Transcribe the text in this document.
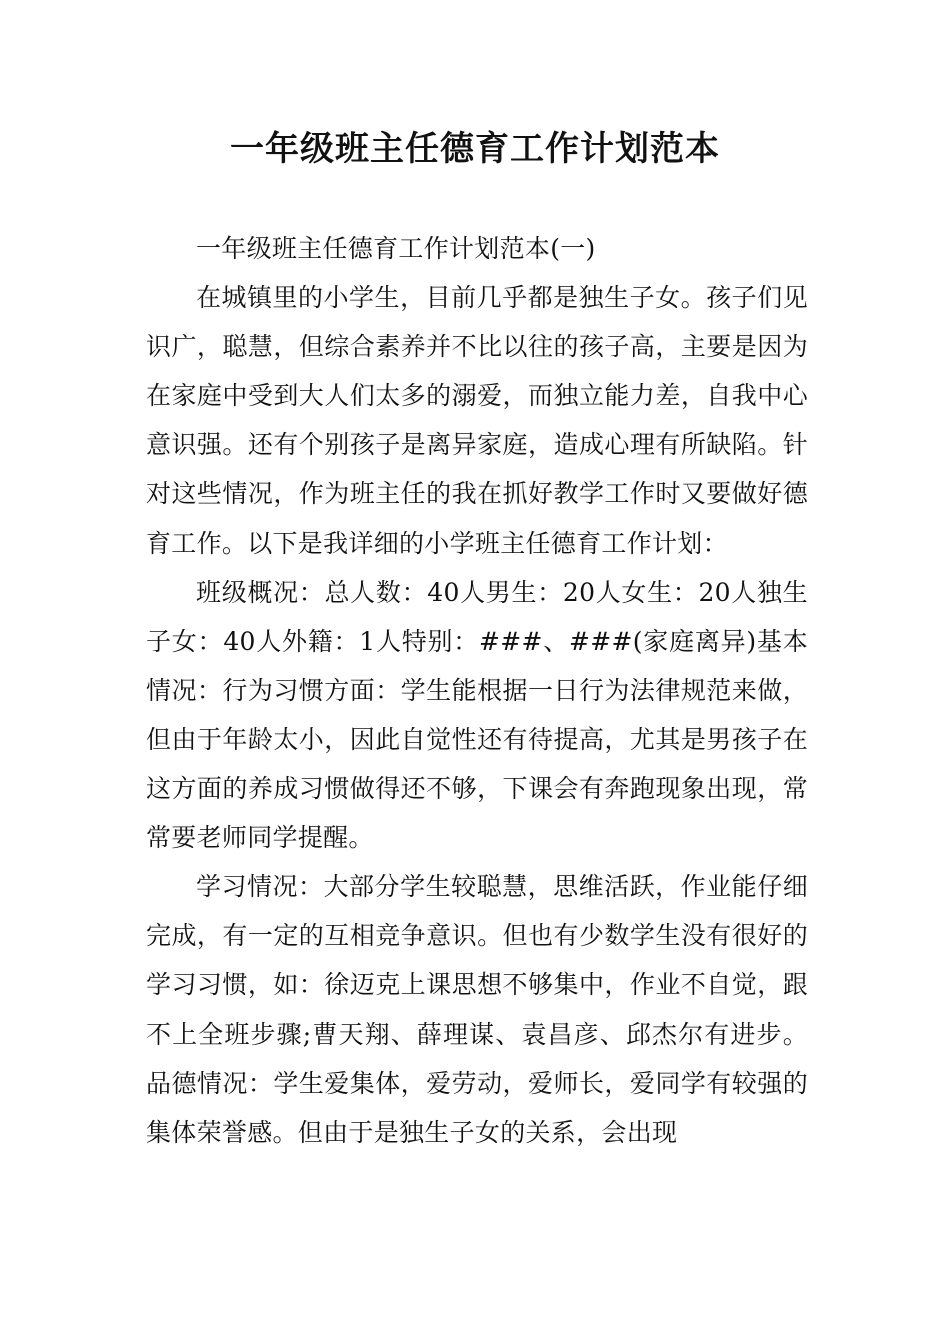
一年级班主任德育工作计划范本

一年级班主任德育工作计划范本(一)

在城镇里的小学生，目前几乎都是独生子女。孩子们见识广，聪慧，但综合素养并不比以往的孩子高，主要是因为在家庭中受到大人们太多的溺爱，而独立能力差，自我中心意识强。还有个别孩子是离异家庭，造成心理有所缺陷。针对这些情况，作为班主任的我在抓好教学工作时又要做好德育工作。以下是我详细的小学班主任德育工作计划：

班级概况：总人数：40人男生：20人女生：20人独生子女：40人外籍：1人特别：###、###(家庭离异)基本情况：行为习惯方面：学生能根据一日行为法律规范来做，但由于年龄太小，因此自觉性还有待提高，尤其是男孩子在这方面的养成习惯做得还不够，下课会有奔跑现象出现，常常要老师同学提醒。

学习情况：大部分学生较聪慧，思维活跃，作业能仔细完成，有一定的互相竞争意识。但也有少数学生没有很好的学习习惯，如：徐迈克上课思想不够集中，作业不自觉，跟不上全班步骤;曹天翔、薛理谋、袁昌彦、邱杰尔有进步。品德情况：学生爱集体，爱劳动，爱师长，爱同学有较强的集体荣誉感。但由于是独生子女的关系，会出现
